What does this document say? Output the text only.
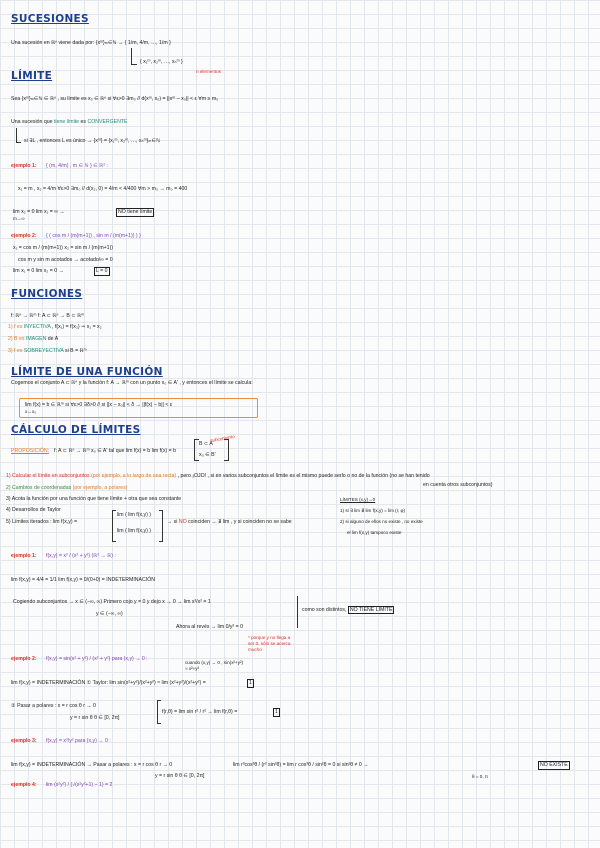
SUCESIONES
Una sucesión en ℝⁿ viene dada por: {xᵐ}ₘ∈ℕ → { 1/m, 4/m, …, 1/m }
{ x₁ᵐ, x₂ᵐ, …, xₙᵐ }
n elementos
LÍMITE
Sea {xᵐ}ₘ∈ℕ ∈ ℝⁿ , su límite es x₀ ∈ ℝⁿ si ∀ε>0 ∃m₀ // d(xᵐ, x₀) = ||xᵐ − x₀|| < ε ∀m ≥ m₀
Una sucesión que tiene límite es CONVERGENTE
si ∃L , entonces L es único → {xᵐ} = {x₁ᵐ, x₂ᵐ, …, xₙᵐ}ₘ∈ℕ
ejemplo 1: { (m, 4/m) , m ∈ ℕ } ∈ ℝ² :
x₁ = m , x₂ = 4/m ∀ε>0 ∃m₀ // d(x₂, 0) = 4/m < 4/400 ∀m > m₀ → m₀ = 400
lim x₂ = 0 lim x₁ = ∞ →
m→∞
NO tiene límite
ejemplo 2: { ( cos m / (m(m+1)) , sin m / (m(m+1)) ) }
x₁ = cos m / (m(m+1)) x₂ = sin m / (m(m+1))
cos m y sin m acotados → acotado/∞ = 0
lim x₁ = 0 lim x₂ = 0 →	L = 0
FUNCIONES
f: ℝⁿ → ℝᵐ f: A ⊂ ℝⁿ → B ⊂ ℝᵐ
1) f es INYECTIVA , f(x₁) = f(x₂) ⇒ x₁ = x₂
2) B es IMAGEN de A
3) f es SOBREYECTIVA si B = ℝᵐ
LÍMITE DE UNA FUNCIÓN
Cogemos el conjunto A ⊂ ℝⁿ y la función f: A → ℝᵐ con un punto x₀ ∈ A' , y entonces el límite se calcula:
lim f(x) = b ∈ ℝᵐ si ∀ε>0 ∃δ>0 // si ||x − x₀|| < δ → ||f(x) − b|| < ε
x→x₀
CÁLCULO DE LÍMITES
PROPOSICIÓN: f: A ⊂ ℝⁿ → ℝᵐ x₀ ∈ A' tal que lim f(x) = b lim f(x) = b
B ⊂ A
x₀ ∈ B'
subconjunto
1) Calcular el límite en subconjuntos (por ejemplo, a lo largo de una recta) , pero ¡OJO! , si en varios subconjuntos el límite es el mismo puede serlo o no de la función (no se han tenido
en cuenta otros subconjuntos)
2) Cambios de coordenadas (por ejemplo, a polares)
3) Acota la función por una función que tiene límite + otra que sea constante
4) Desarrollos de Taylor
5) Límites iterados : lim f(x,y) =
lim ( lim f(x,y) )
lim ( lim f(x,y) )
→ si NO coinciden → ∄ lim , y si coinciden no se sabe
LÍMITES (x,y)→0
1) si ∃ lim ∄ lim f(x,y) = lim (r, φ)
2) si alguno de ellos no existe , no existe
el lim f(x,y) tampoco existe
ejemplo 1: f(x,y) = x² / (x² + y²) (ℝ² → ℝ) :
lim f(x,y) = 4/4 = 1/1 lim f(x,y) = 0/(0+0) = INDETERMINACIÓN
Cogiendo subconjuntos → x ∈ (−∞, ∞) Primero cojo y = 0 y dejo x → 0 → lim x²/x² = 1
y ∈ (−∞, ∞)
Ahora al revés → lim 0/y² = 0
* porque y no llega a ser 0, sólo se acerca mucho
como son distintos, NO TIENE LÍMITE
ejemplo 2: f(x,y) = sin(x² + y²) / (x² + y²) para (x,y) → 0 :
cuando (x,y) → 0 , sin(x²+y²) ≈ x²+y²
lim f(x,y) = INDETERMINACIÓN ① Taylor: lim sin(x²+y²)/(x²+y²) ≈ lim (x²+y²)/(x²+y²) =	1
② Pasar a polares : x = r cos θ r → 0
y = r sin θ θ ∈ [0, 2π]
f(r,θ) = lim sin r² / r² → lim f(r,θ) =	1
ejemplo 3: f(x,y) = x³/y² para (x,y) → 0 :
lim f(x,y) = INDETERMINACIÓN → Pasar a polares : x = r cos θ r → 0
y = r sin θ θ ∈ [0, 2π]
lim r³cos³θ / (r² sin²θ) = lim r cos³θ / sin²θ = 0 si sin²θ ≠ 0 →	NO EXISTE
θ = 0, π
ejemplo 4: lim (x²y²) / (√(x²y²+1) − 1) = 2
